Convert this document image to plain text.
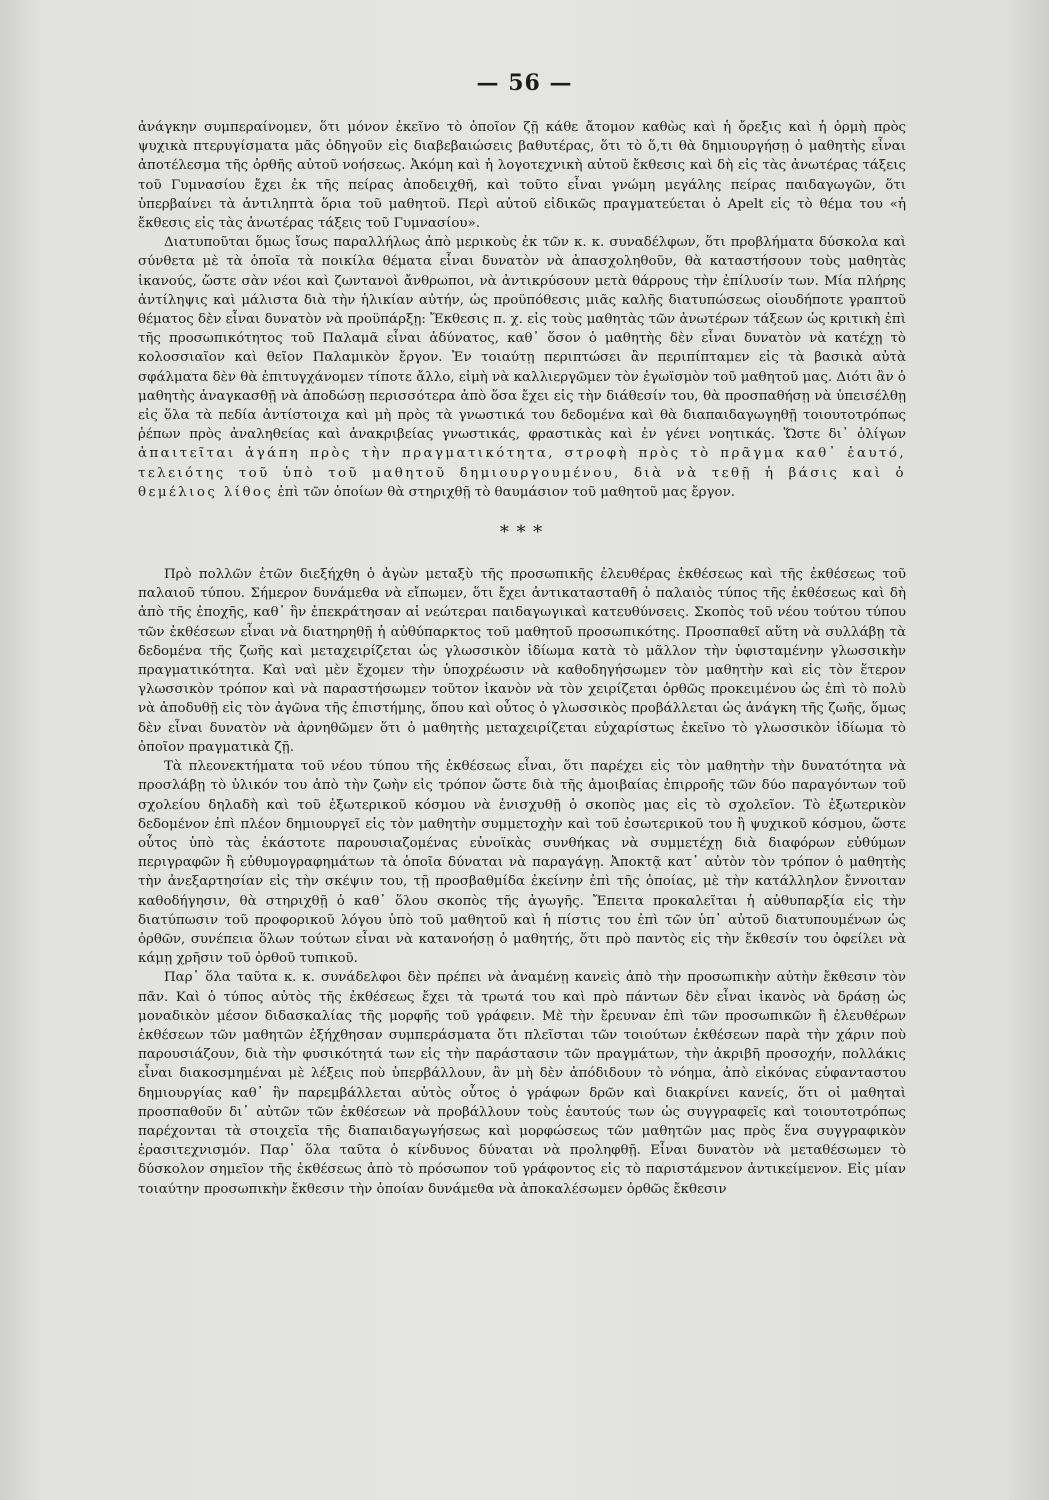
— 56 —

ἀνάγκην συμπεραίνομεν, ὅτι μόνον ἐκεῖνο τὸ ὁποῖον ζῇ κάθε ἄτομον καθὼς καὶ ἡ ὄρεξις καὶ ἡ ὁρμὴ πρὸς ψυχικὰ πτερυγίσματα μᾶς ὁδηγοῦν εἰς διαβεβαιώσεις βαθυτέρας, ὅτι τὸ ὅ,τι θὰ δημιουργήσῃ ὁ μαθητὴς εἶναι ἀποτέλεσμα τῆς ὀρθῆς αὐτοῦ νοήσεως. Ἀκόμη καὶ ἡ λογοτεχνικὴ αὐτοῦ ἔκθεσις καὶ δὴ εἰς τὰς ἀνωτέρας τάξεις τοῦ Γυμνασίου ἔχει ἐκ τῆς πείρας ἀποδειχθῆ, καὶ τοῦτο εἶναι γνώμη μεγάλης πείρας παιδαγωγῶν, ὅτι ὑπερβαίνει τὰ ἀντιληπτὰ ὅρια τοῦ μαθητοῦ. Περὶ αὐτοῦ εἰδικῶς πραγματεύεται ὁ Apelt εἰς τὸ θέμα του «ἡ ἔκθεσις εἰς τὰς ἀνωτέρας τάξεις τοῦ Γυμνασίου».

Διατυποῦται ὅμως ἴσως παραλλήλως ἀπὸ μερικοὺς ἐκ τῶν κ. κ. συναδέλφων, ὅτι προβλήματα δύσκολα καὶ σύνθετα μὲ τὰ ὁποῖα τὰ ποικίλα θέματα εἶναι δυνατὸν νὰ ἀπασχοληθοῦν, θὰ καταστήσουν τοὺς μαθητὰς ἱκανούς, ὥστε σὰν νέοι καὶ ζωντανοὶ ἄνθρωποι, νὰ ἀντικρύσουν μετὰ θάρρους τὴν ἐπίλυσίν των. Μία πλήρης ἀντίληψις καὶ μάλιστα διὰ τὴν ἡλικίαν αὐτήν, ὡς προϋπόθεσις μιᾶς καλῆς διατυπώσεως οἱουδήποτε γραπτοῦ θέματος δὲν εἶναι δυνατὸν νὰ προϋπάρξῃ: Ἔκθεσις π. χ. εἰς τοὺς μαθητὰς τῶν ἀνωτέρων τάξεων ὡς κριτικὴ ἐπὶ τῆς προσωπικότητος τοῦ Παλαμᾶ εἶναι ἀδύνατος, καθ᾽ ὅσον ὁ μαθητὴς δὲν εἶναι δυνατὸν νὰ κατέχῃ τὸ κολοσσιαῖον καὶ θεῖον Παλαμικὸν ἔργον. Ἐν τοιαύτῃ περιπτώσει ἂν περιπίπταμεν εἰς τὰ βασικὰ αὐτὰ σφάλματα δὲν θὰ ἐπιτυγχάνομεν τίποτε ἄλλο, εἰμὴ νὰ καλλιεργῶμεν τὸν ἐγωϊσμὸν τοῦ μαθητοῦ μας. Διότι ἂν ὁ μαθητὴς ἀναγκασθῇ νὰ ἀποδώσῃ περισσότερα ἀπὸ ὅσα ἔχει εἰς τὴν διάθεσίν του, θὰ προσπαθήσῃ νὰ ὑπεισέλθῃ εἰς ὅλα τὰ πεδία ἀντίστοιχα καὶ μὴ πρὸς τὰ γνωστικά του δεδομένα καὶ θὰ διαπαιδαγωγηθῇ τοιουτοτρόπως ῥέπων πρὸς ἀναληθείας καὶ ἀνακριβείας γνωστικάς, φραστικὰς καὶ ἐν γένει νοητικάς. Ὥστε δι᾽ ὀλίγων ἀπαιτεῖται ἀγάπη πρὸς τὴν πραγματικότητα, στροφὴ πρὸς τὸ πρᾶγμα καθ᾽ ἑαυτό, τελειότης τοῦ ὑπὸ τοῦ μαθητοῦ δημιουργουμένου, διὰ νὰ τεθῇ ἡ βάσις καὶ ὁ θεμέλιος λίθος ἐπὶ τῶν ὁποίων θὰ στηριχθῇ τὸ θαυμάσιον τοῦ μαθητοῦ μας ἔργον.

* * *

Πρὸ πολλῶν ἐτῶν διεξήχθη ὁ ἀγὼν μεταξὺ τῆς προσωπικῆς ἐλευθέρας ἐκθέσεως καὶ τῆς ἐκθέσεως τοῦ παλαιοῦ τύπου. Σήμερον δυνάμεθα νὰ εἴπωμεν, ὅτι ἔχει ἀντικατασταθῆ ὁ παλαιὸς τύπος τῆς ἐκθέσεως καὶ δὴ ἀπὸ τῆς ἐποχῆς, καθ᾽ ἣν ἐπεκράτησαν αἱ νεώτεραι παιδαγωγικαὶ κατευθύνσεις. Σκοπὸς τοῦ νέου τούτου τύπου τῶν ἐκθέσεων εἶναι νὰ διατηρηθῇ ἡ αὐθύπαρκτος τοῦ μαθητοῦ προσωπικότης. Προσπαθεῖ αὕτη νὰ συλλάβῃ τὰ δεδομένα τῆς ζωῆς καὶ μεταχειρίζεται ὡς γλωσσικὸν ἰδίωμα κατὰ τὸ μᾶλλον τὴν ὑφισταμένην γλωσσικὴν πραγματικότητα. Καὶ ναὶ μὲν ἔχομεν τὴν ὑποχρέωσιν νὰ καθοδηγήσωμεν τὸν μαθητὴν καὶ εἰς τὸν ἕτερον γλωσσικὸν τρόπον καὶ νὰ παραστήσωμεν τοῦτον ἱκανὸν νὰ τὸν χειρίζεται ὀρθῶς προκειμένου ὡς ἐπὶ τὸ πολὺ νὰ ἀποδυθῇ εἰς τὸν ἀγῶνα τῆς ἐπιστήμης, ὅπου καὶ οὗτος ὁ γλωσσικὸς προβάλλεται ὡς ἀνάγκη τῆς ζωῆς, ὅμως δὲν εἶναι δυνατὸν νὰ ἀρνηθῶμεν ὅτι ὁ μαθητὴς μεταχειρίζεται εὐχαρίστως ἐκεῖνο τὸ γλωσσικὸν ἰδίωμα τὸ ὁποῖον πραγματικὰ ζῇ.

Τὰ πλεονεκτήματα τοῦ νέου τύπου τῆς ἐκθέσεως εἶναι, ὅτι παρέχει εἰς τὸν μαθητὴν τὴν δυνατότητα νὰ προσλάβῃ τὸ ὑλικόν του ἀπὸ τὴν ζωὴν εἰς τρόπον ὥστε διὰ τῆς ἀμοιβαίας ἐπιρροῆς τῶν δύο παραγόντων τοῦ σχολείου δηλαδὴ καὶ τοῦ ἐξωτερικοῦ κόσμου νὰ ἐνισχυθῇ ὁ σκοπὸς μας εἰς τὸ σχολεῖον. Τὸ ἐξωτερικὸν δεδομένον ἐπὶ πλέον δημιουργεῖ εἰς τὸν μαθητὴν συμμετοχὴν καὶ τοῦ ἐσωτερικοῦ του ἢ ψυχικοῦ κόσμου, ὥστε οὗτος ὑπὸ τὰς ἑκάστοτε παρουσιαζομένας εὐνοϊκὰς συνθήκας νὰ συμμετέχῃ διὰ διαφόρων εὐθύμων περιγραφῶν ἢ εὐθυμογραφημάτων τὰ ὁποῖα δύναται νὰ παραγάγῃ. Ἀποκτᾷ κατ᾽ αὐτὸν τὸν τρόπον ὁ μαθητὴς τὴν ἀνεξαρτησίαν εἰς τὴν σκέψιν του, τῇ προσβαθμίδα ἐκείνην ἐπὶ τῆς ὁποίας, μὲ τὴν κατάλληλον ἔννοιταν καθοδήγησιν, θὰ στηριχθῇ ὁ καθ᾽ ὅλου σκοπὸς τῆς ἀγωγῆς. Ἔπειτα προκαλεῖται ἡ αὐθυπαρξία εἰς τὴν διατύπωσιν τοῦ προφορικοῦ λόγου ὑπὸ τοῦ μαθητοῦ καὶ ἡ πίστις του ἐπὶ τῶν ὑπ᾽ αὐτοῦ διατυπουμένων ὡς ὀρθῶν, συνέπεια ὅλων τούτων εἶναι νὰ κατανοήσῃ ὁ μαθητής, ὅτι πρὸ παντὸς εἰς τὴν ἔκθεσίν του ὀφείλει νὰ κάμῃ χρῆσιν τοῦ ὀρθοῦ τυπικοῦ.

Παρ᾽ ὅλα ταῦτα κ. κ. συνάδελφοι δὲν πρέπει νὰ ἀναμένῃ κανεὶς ἀπὸ τὴν προσωπικὴν αὐτὴν ἔκθεσιν τὸν πᾶν. Καὶ ὁ τύπος αὐτὸς τῆς ἐκθέσεως ἔχει τὰ τρωτά του καὶ πρὸ πάντων δὲν εἶναι ἱκανὸς νὰ δράσῃ ὡς μοναδικὸν μέσον διδασκαλίας τῆς μορφῆς τοῦ γράφειν. Μὲ τὴν ἔρευναν ἐπὶ τῶν προσωπικῶν ἢ ἐλευθέρων ἐκθέσεων τῶν μαθητῶν ἐξήχθησαν συμπεράσματα ὅτι πλεῖσται τῶν τοιούτων ἐκθέσεων παρὰ τὴν χάριν ποὺ παρουσιάζουν, διὰ τὴν φυσικότητά των εἰς τὴν παράστασιν τῶν πραγμάτων, τὴν ἀκριβῆ προσοχήν, πολλάκις εἶναι διακοσμημέναι μὲ λέξεις ποὺ ὑπερβάλλουν, ἂν μὴ δὲν ἀπόδιδουν τὸ νόημα, ἀπὸ εἰκόνας εὐφανταστου δημιουργίας καθ᾽ ἣν παρεμβάλλεται αὐτὸς οὗτος ὁ γράφων δρῶν καὶ διακρίνει κανείς, ὅτι οἱ μαθηταὶ προσπαθοῦν δι᾽ αὐτῶν τῶν ἐκθέσεων νὰ προβάλλουν τοὺς ἑαυτούς των ὡς συγγραφεῖς καὶ τοιουτοτρόπως παρέχονται τὰ στοιχεῖα τῆς διαπαιδαγωγήσεως καὶ μορφώσεως τῶν μαθητῶν μας πρὸς ἕνα συγγραφικὸν ἐρασιτεχνισμόν. Παρ᾽ ὅλα ταῦτα ὁ κίνδυνος δύναται νὰ προληφθῇ. Εἶναι δυνατὸν νὰ μεταθέσωμεν τὸ δύσκολον σημεῖον τῆς ἐκθέσεως ἀπὸ τὸ πρόσωπον τοῦ γράφοντος εἰς τὸ παριστάμενον ἀντικείμενον. Εἰς μίαν τοιαύτην προσωπικὴν ἔκθεσιν τὴν ὁποίαν δυνάμεθα νὰ ἀποκαλέσωμεν ὀρθῶς ἔκθεσιν
